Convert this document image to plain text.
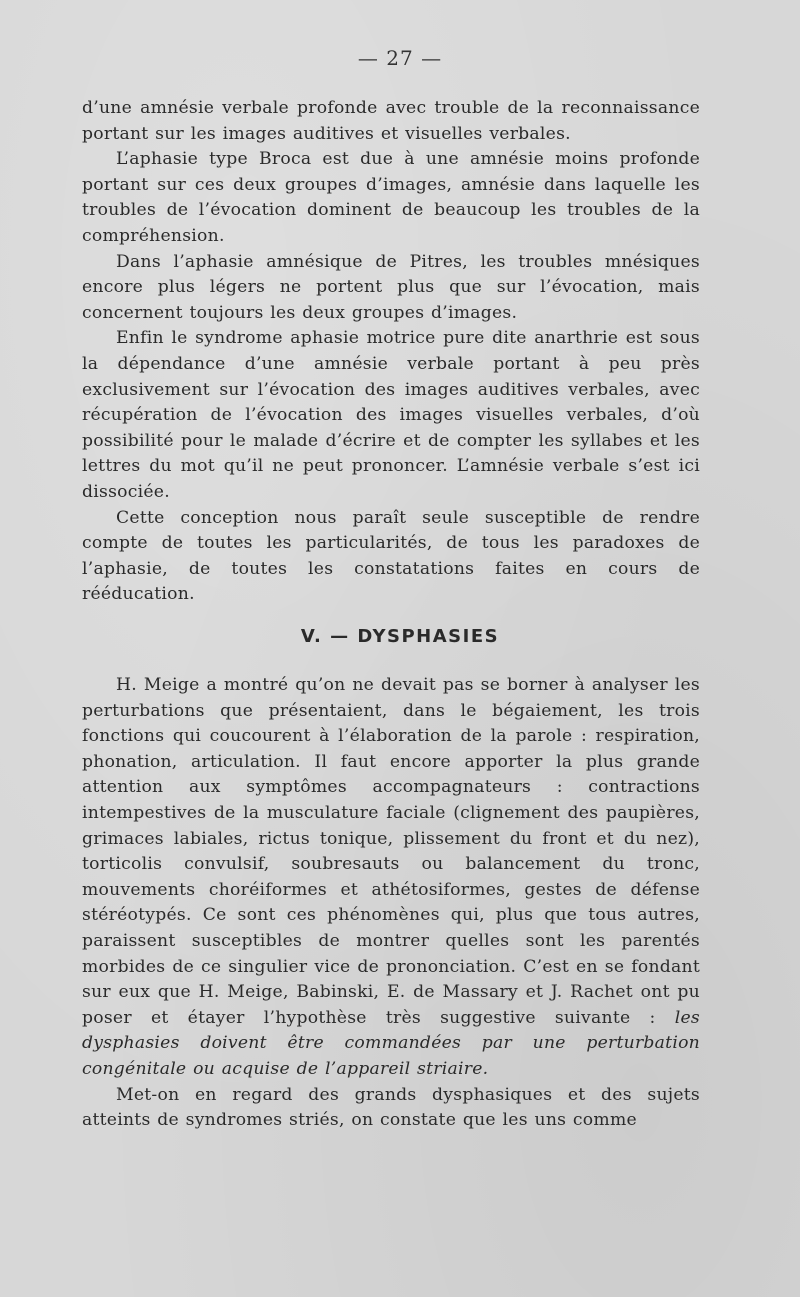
— 27 —

d’une amnésie verbale profonde avec trouble de la reconnaissance portant sur les images auditives et visuelles verbales.

L’aphasie type Broca est due à une amnésie moins profonde portant sur ces deux groupes d’images, amnésie dans laquelle les troubles de l’évocation dominent de beaucoup les troubles de la compréhension.

Dans l’aphasie amnésique de Pitres, les troubles mnésiques encore plus légers ne portent plus que sur l’évocation, mais concernent toujours les deux groupes d’images.

Enfin le syndrome aphasie motrice pure dite anarthrie est sous la dépendance d’une amnésie verbale portant à peu près exclusivement sur l’évocation des images auditives verbales, avec récupération de l’évocation des images visuelles verbales, d’où possibilité pour le malade d’écrire et de compter les syllabes et les lettres du mot qu’il ne peut prononcer. L’amnésie verbale s’est ici dissociée.

Cette conception nous paraît seule susceptible de rendre compte de toutes les particularités, de tous les paradoxes de l’aphasie, de toutes les constatations faites en cours de rééducation.

V. — DYSPHASIES

H. Meige a montré qu’on ne devait pas se borner à analyser les perturbations que présentaient, dans le bégaiement, les trois fonctions qui coucourent à l’élaboration de la parole : respiration, phonation, articulation. Il faut encore apporter la plus grande attention aux symptômes accompagnateurs : contractions intempestives de la musculature faciale (clignement des paupières, grimaces labiales, rictus tonique, plissement du front et du nez), torticolis convulsif, soubresauts ou balancement du tronc, mouvements choréiformes et athétosiformes, gestes de défense stéréotypés. Ce sont ces phénomènes qui, plus que tous autres, paraissent susceptibles de montrer quelles sont les parentés morbides de ce singulier vice de prononciation. C’est en se fondant sur eux que H. Meige, Babinski, E. de Massary et J. Rachet ont pu poser et étayer l’hypothèse très suggestive suivante : les dysphasies doivent être commandées par une perturbation congénitale ou acquise de l’appareil striaire.

Met-on en regard des grands dysphasiques et des sujets atteints de syndromes striés, on constate que les uns comme
